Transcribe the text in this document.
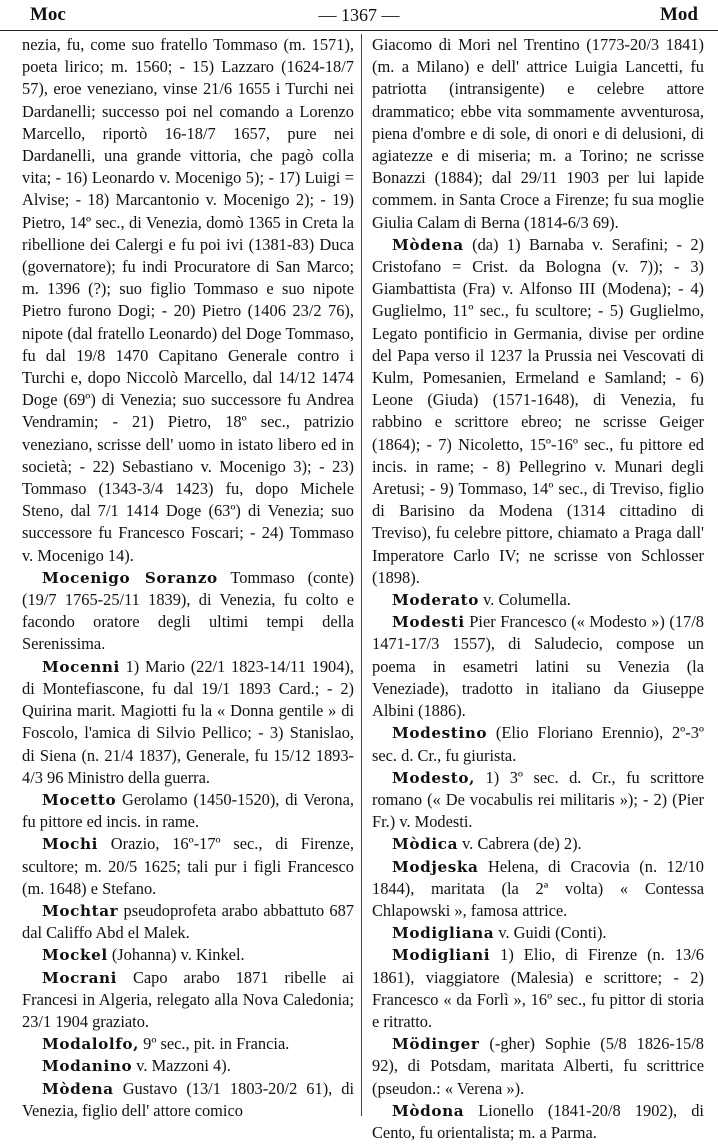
Moc	— 1367 —	Mod

nezia, fu, come suo fratello Tommaso (m. 1571), poeta lirico; m. 1560; - 15) Lazzaro (1624-18/7 57), eroe veneziano, vinse 21/6 1655 i Turchi nei Dardanelli; successo poi nel comando a Lorenzo Marcello, riportò 16-18/7 1657, pure nei Dardanelli, una grande vittoria, che pagò colla vita; - 16) Leonardo v. Mocenigo 5); - 17) Luigi = Alvise; - 18) Marcantonio v. Mocenigo 2); - 19) Pietro, 14º sec., di Venezia, domò 1365 in Creta la ribellione dei Calergi e fu poi ivi (1381-83) Duca (governatore); fu indi Procuratore di San Marco; m. 1396 (?); suo figlio Tommaso e suo nipote Pietro furono Dogi; - 20) Pietro (1406 23/2 76), nipote (dal fratello Leonardo) del Doge Tommaso, fu dal 19/8 1470 Capitano Generale contro i Turchi e, dopo Niccolò Marcello, dal 14/12 1474 Doge (69º) di Venezia; suo successore fu Andrea Vendramin; - 21) Pietro, 18º sec., patrizio veneziano, scrisse dell' uomo in istato libero ed in società; - 22) Sebastiano v. Mocenigo 3); - 23) Tommaso (1343-3/4 1423) fu, dopo Michele Steno, dal 7/1 1414 Doge (63º) di Venezia; suo successore fu Francesco Foscari; - 24) Tommaso v. Mocenigo 14).

Mocenigo Soranzo Tommaso (conte) (19/7 1765-25/11 1839), di Venezia, fu colto e facondo oratore degli ultimi tempi della Serenissima.

Mocenni 1) Mario (22/1 1823-14/11 1904), di Montefiascone, fu dal 19/1 1893 Card.; - 2) Quirina marit. Magiotti fu la « Donna gentile » di Foscolo, l'amica di Silvio Pellico; - 3) Stanislao, di Siena (n. 21/4 1837), Generale, fu 15/12 1893-4/3 96 Ministro della guerra.

Mocetto Gerolamo (1450-1520), di Verona, fu pittore ed incis. in rame.

Mochi Orazio, 16º-17º sec., di Firenze, scultore; m. 20/5 1625; tali pur i figli Francesco (m. 1648) e Stefano.

Mochtar pseudoprofeta arabo abbattuto 687 dal Califfo Abd el Malek.

Mockel (Johanna) v. Kinkel.

Mocrani Capo arabo 1871 ribelle ai Francesi in Algeria, relegato alla Nova Caledonia; 23/1 1904 graziato.

Modalolfo, 9º sec., pit. in Francia.

Modanino v. Mazzoni 4).

Mòdena Gustavo (13/1 1803-20/2 61), di Venezia, figlio dell' attore comico

Giacomo di Mori nel Trentino (1773-20/3 1841) (m. a Milano) e dell' attrice Luigia Lancetti, fu patriotta (intransigente) e celebre attore drammatico; ebbe vita sommamente avventurosa, piena d'ombre e di sole, di onori e di delusioni, di agiatezze e di miseria; m. a Torino; ne scrisse Bonazzi (1884); dal 29/11 1903 per lui lapide commem. in Santa Croce a Firenze; fu sua moglie Giulia Calam di Berna (1814-6/3 69).

Mòdena (da) 1) Barnaba v. Serafini; - 2) Cristofano = Crist. da Bologna (v. 7)); - 3) Giambattista (Fra) v. Alfonso III (Modena); - 4) Guglielmo, 11º sec., fu scultore; - 5) Guglielmo, Legato pontificio in Germania, divise per ordine del Papa verso il 1237 la Prussia nei Vescovati di Kulm, Pomesanien, Ermeland e Samland; - 6) Leone (Giuda) (1571-1648), di Venezia, fu rabbino e scrittore ebreo; ne scrisse Geiger (1864); - 7) Nicoletto, 15º-16º sec., fu pittore ed incis. in rame; - 8) Pellegrino v. Munari degli Aretusi; - 9) Tommaso, 14º sec., di Treviso, figlio di Barisino da Modena (1314 cittadino di Treviso), fu celebre pittore, chiamato a Praga dall' Imperatore Carlo IV; ne scrisse von Schlosser (1898).

Moderato v. Columella.

Modesti Pier Francesco (« Modesto ») (17/8 1471-17/3 1557), di Saludecio, compose un poema in esametri latini su Venezia (la Veneziade), tradotto in italiano da Giuseppe Albini (1886).

Modestino (Elio Floriano Erennio), 2º-3º sec. d. Cr., fu giurista.

Modesto, 1) 3º sec. d. Cr., fu scrittore romano (« De vocabulis rei militaris »); - 2) (Pier Fr.) v. Modesti.

Mòdica v. Cabrera (de) 2).

Modjeska Helena, di Cracovia (n. 12/10 1844), maritata (la 2ª volta) « Contessa Chlapowski », famosa attrice.

Modigliana v. Guidi (Conti).

Modigliani 1) Elio, di Firenze (n. 13/6 1861), viaggiatore (Malesia) e scrittore; - 2) Francesco « da Forlì », 16º sec., fu pittor di storia e ritratto.

Mödinger (-gher) Sophie (5/8 1826-15/8 92), di Potsdam, maritata Alberti, fu scrittrice (pseudon.: « Verena »).

Mòdona Lionello (1841-20/8 1902), di Cento, fu orientalista; m. a Parma.
